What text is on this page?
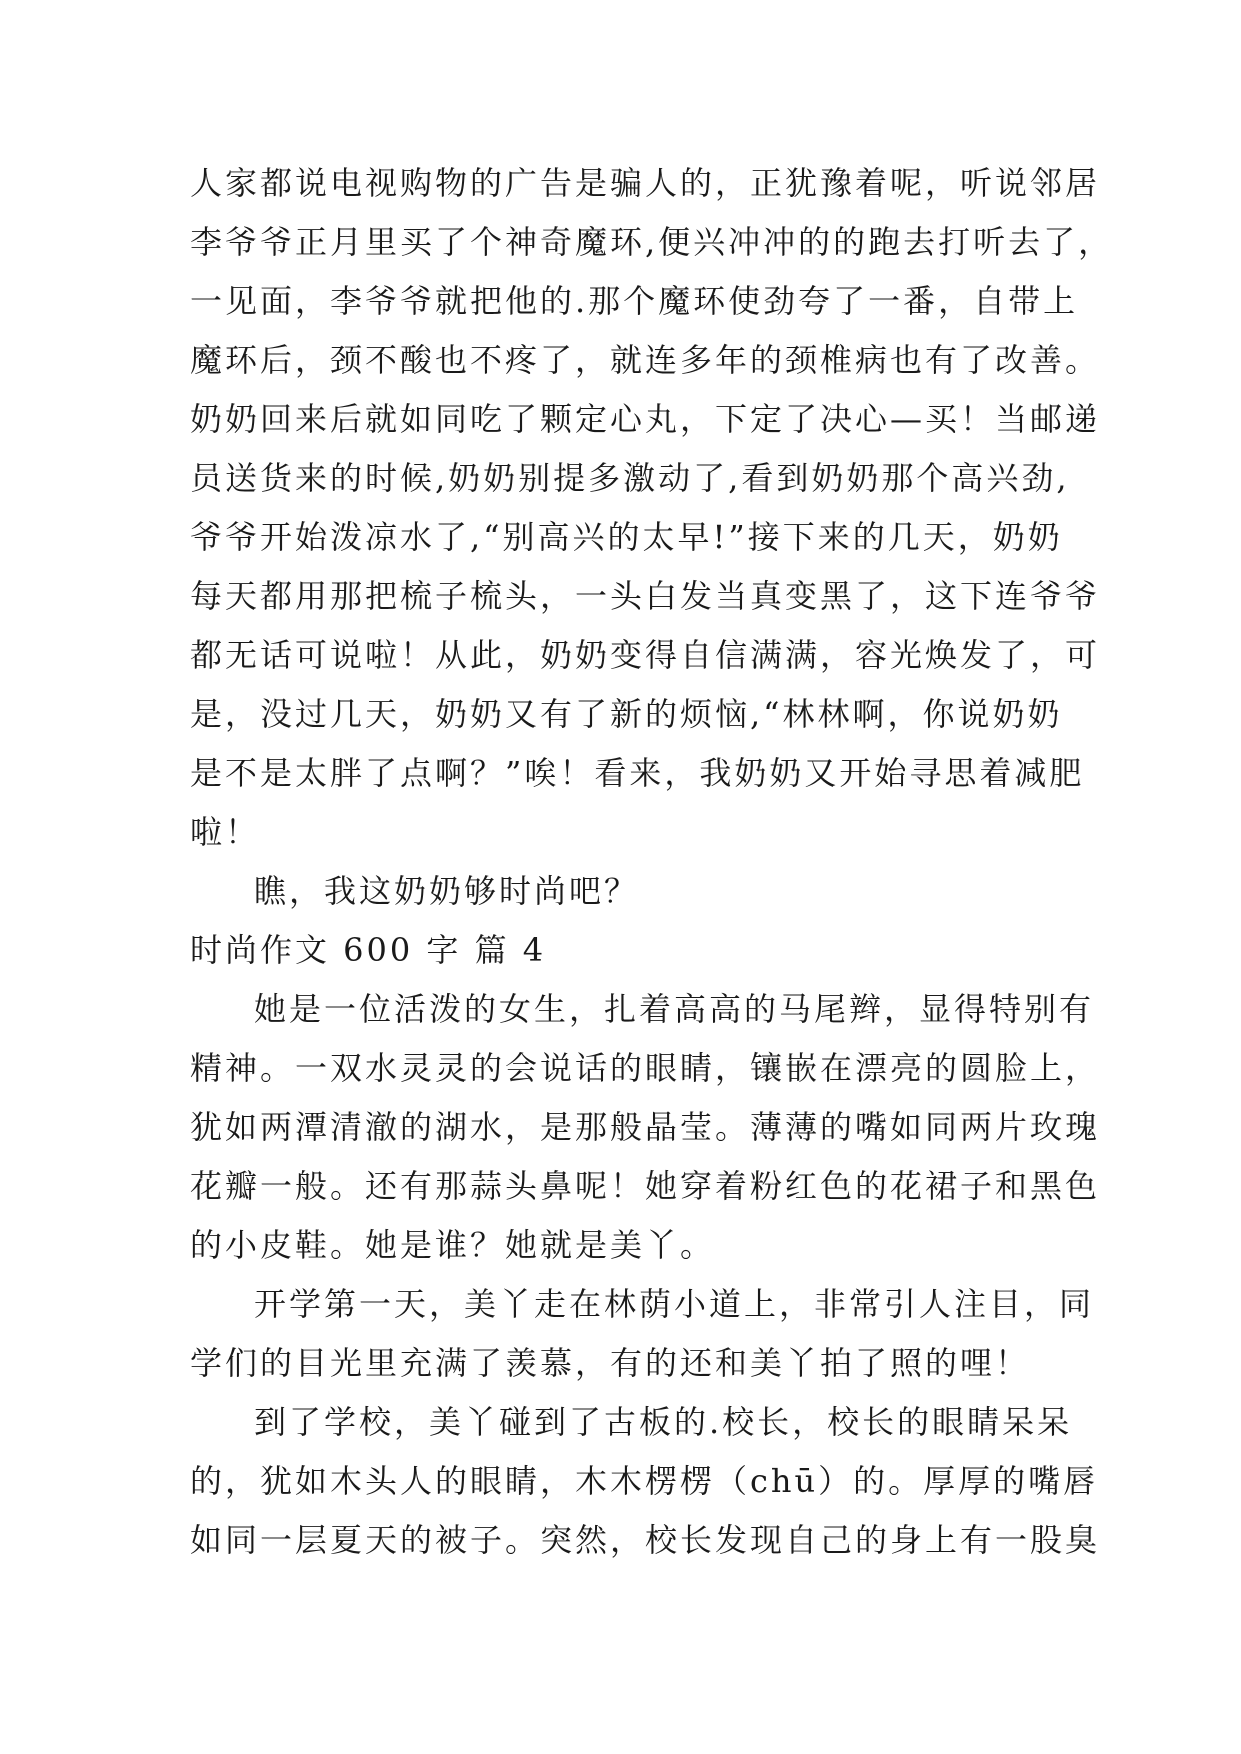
人家都说电视购物的广告是骗人的，正犹豫着呢，听说邻居
李爷爷正月里买了个神奇魔环,便兴冲冲的的跑去打听去了，
一见面，李爷爷就把他的.那个魔环使劲夸了一番，自带上
魔环后，颈不酸也不疼了，就连多年的颈椎病也有了改善。
奶奶回来后就如同吃了颗定心丸，下定了决心—买！当邮递
员送货来的时候,奶奶别提多激动了,看到奶奶那个高兴劲,
爷爷开始泼凉水了,“别高兴的太早!”接下来的几天，奶奶
每天都用那把梳子梳头，一头白发当真变黑了，这下连爷爷
都无话可说啦！从此，奶奶变得自信满满，容光焕发了，可
是，没过几天，奶奶又有了新的烦恼,“林林啊，你说奶奶
是不是太胖了点啊？”唉！看来，我奶奶又开始寻思着减肥
啦！
瞧，我这奶奶够时尚吧？
时尚作文 600 字 篇 4
她是一位活泼的女生，扎着高高的马尾辫，显得特别有
精神。一双水灵灵的会说话的眼睛，镶嵌在漂亮的圆脸上，
犹如两潭清澈的湖水，是那般晶莹。薄薄的嘴如同两片玫瑰
花瓣一般。还有那蒜头鼻呢！她穿着粉红色的花裙子和黑色
的小皮鞋。她是谁？她就是美丫。
开学第一天，美丫走在林荫小道上，非常引人注目，同
学们的目光里充满了羡慕，有的还和美丫拍了照的哩！
到了学校，美丫碰到了古板的.校长，校长的眼睛呆呆
的，犹如木头人的眼睛，木木楞楞（chū）的。厚厚的嘴唇
如同一层夏天的被子。突然，校长发现自己的身上有一股臭
